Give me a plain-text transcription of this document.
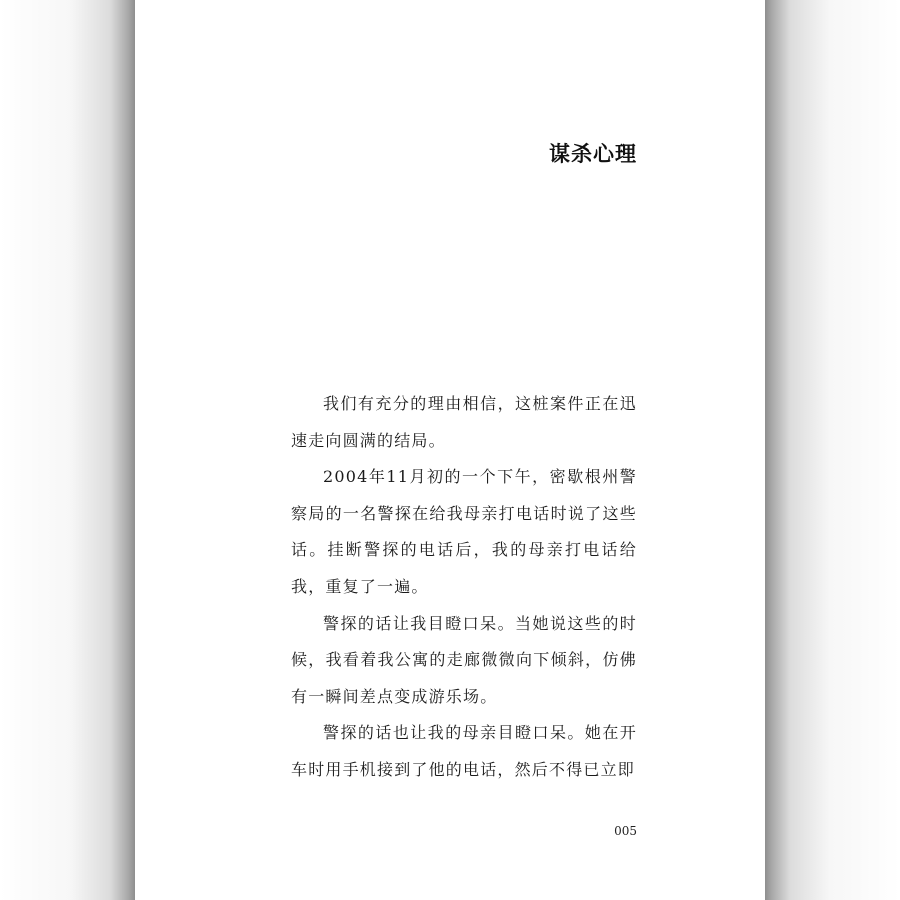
谋杀心理

我们有充分的理由相信，这桩案件正在迅速走向圆满的结局。

2004年11月初的一个下午，密歇根州警察局的一名警探在给我母亲打电话时说了这些话。挂断警探的电话后，我的母亲打电话给我，重复了一遍。

警探的话让我目瞪口呆。当她说这些的时候，我看着我公寓的走廊微微向下倾斜，仿佛有一瞬间差点变成游乐场。

警探的话也让我的母亲目瞪口呆。她在开车时用手机接到了他的电话，然后不得已立即

005
